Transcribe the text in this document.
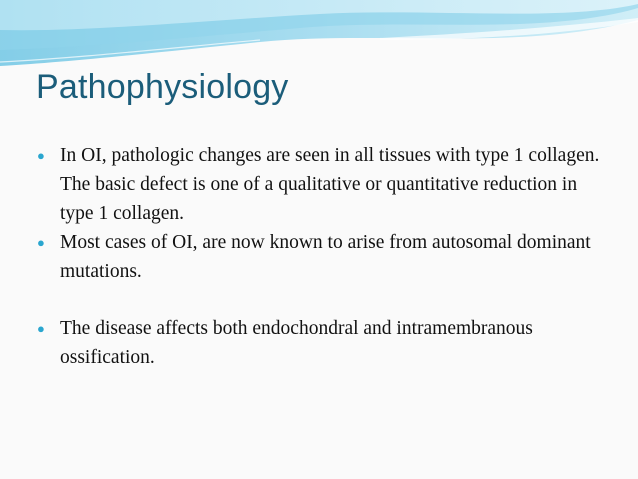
Pathophysiology
● In OI, pathologic changes are seen in all tissues with type 1 collagen. The basic defect is one of a qualitative or quantitative reduction in type 1 collagen.
● Most cases of OI, are now known to arise from autosomal dominant mutations.
● The disease affects both endochondral and intramembranous ossification.
